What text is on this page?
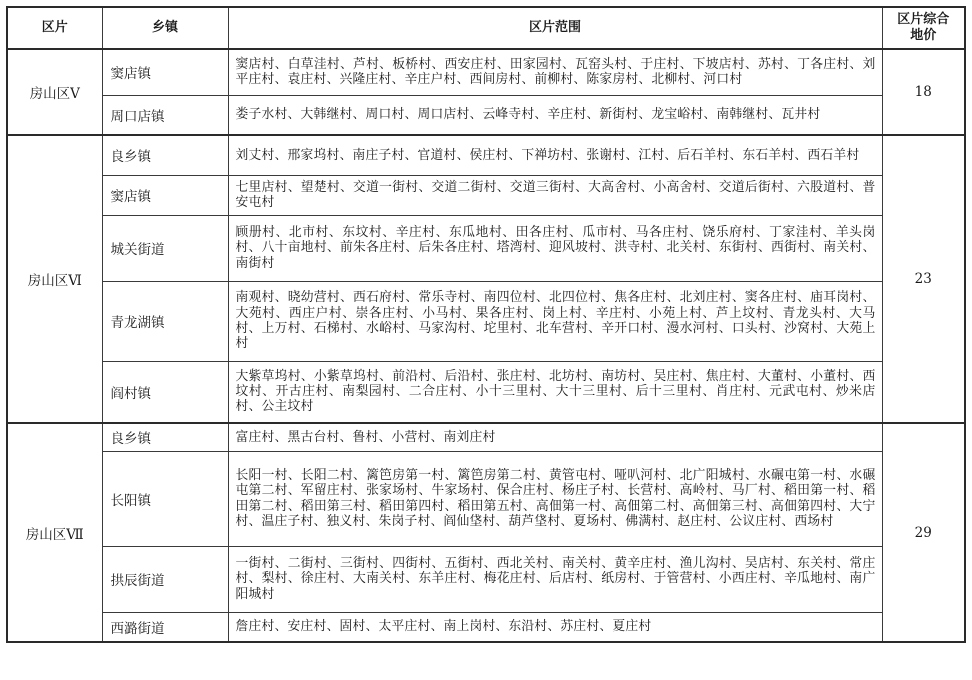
区片	乡镇	区片范围	区片综合
地价
房山区Ⅴ	窦店镇	窦店村、白草洼村、芦村、板桥村、西安庄村、田家园村、瓦窑头村、于庄村、下坡店村、苏村、丁各庄村、刘平庄村、袁庄村、兴隆庄村、辛庄户村、西间房村、前柳村、陈家房村、北柳村、河口村	18
	周口店镇	娄子水村、大韩继村、周口村、周口店村、云峰寺村、辛庄村、新街村、龙宝峪村、南韩继村、瓦井村	
房山区Ⅵ	良乡镇	刘丈村、邢家坞村、南庄子村、官道村、侯庄村、下禅坊村、张谢村、江村、后石羊村、东石羊村、西石羊村	23
	窦店镇	七里店村、望楚村、交道一街村、交道二街村、交道三街村、大高舍村、小高舍村、交道后街村、六股道村、普安屯村	
	城关街道	顾册村、北市村、东坟村、辛庄村、东瓜地村、田各庄村、瓜市村、马各庄村、饶乐府村、丁家洼村、羊头岗村、八十亩地村、前朱各庄村、后朱各庄村、塔湾村、迎风坡村、洪寺村、北关村、东街村、西街村、南关村、南街村	
	青龙湖镇	南观村、晓幼营村、西石府村、常乐寺村、南四位村、北四位村、焦各庄村、北刘庄村、窦各庄村、庙耳岗村、大苑村、西庄户村、崇各庄村、小马村、果各庄村、岗上村、辛庄村、小苑上村、芦上坟村、青龙头村、大马村、上万村、石梯村、水峪村、马家沟村、坨里村、北车营村、辛开口村、漫水河村、口头村、沙窝村、大苑上村	
	阎村镇	大紫草坞村、小紫草坞村、前沿村、后沿村、张庄村、北坊村、南坊村、吴庄村、焦庄村、大董村、小董村、西坟村、开古庄村、南梨园村、二合庄村、小十三里村、大十三里村、后十三里村、肖庄村、元武屯村、炒米店村、公主坟村	
房山区Ⅶ	良乡镇	富庄村、黑古台村、鲁村、小营村、南刘庄村	29
	长阳镇	长阳一村、长阳二村、篱笆房第一村、篱笆房第二村、黄管屯村、哑叭河村、北广阳城村、水碾屯第一村、水碾屯第二村、军留庄村、张家场村、牛家场村、保合庄村、杨庄子村、长营村、高岭村、马厂村、稻田第一村、稻田第二村、稻田第三村、稻田第四村、稻田第五村、高佃第一村、高佃第二村、高佃第三村、高佃第四村、大宁村、温庄子村、独义村、朱岗子村、阎仙垡村、葫芦垡村、夏场村、佛满村、赵庄村、公议庄村、西场村	
	拱辰街道	一街村、二街村、三街村、四街村、五街村、西北关村、南关村、黄辛庄村、渔儿沟村、吴店村、东关村、常庄村、梨村、徐庄村、大南关村、东羊庄村、梅花庄村、后店村、纸房村、于管营村、小西庄村、辛瓜地村、南广阳城村	
	西潞街道	詹庄村、安庄村、固村、太平庄村、南上岗村、东沿村、苏庄村、夏庄村	
